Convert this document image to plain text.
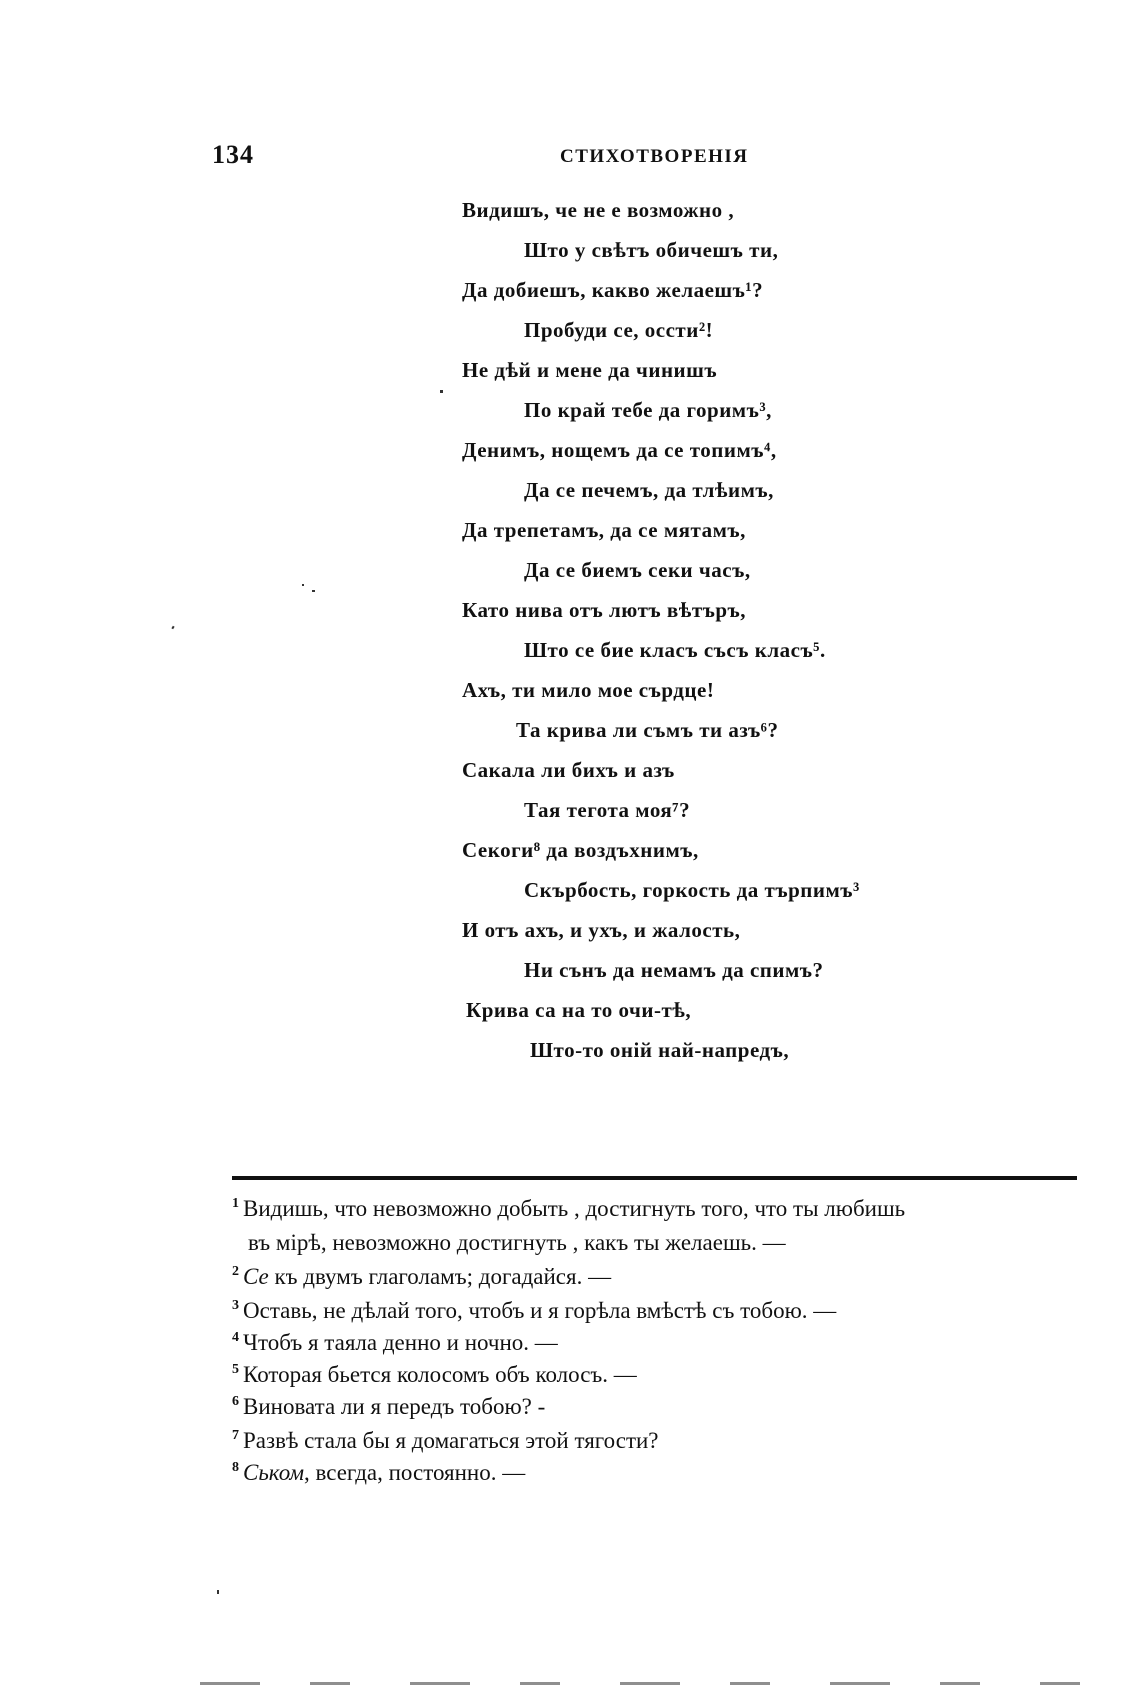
134	СТИХОТВОРЕНІЯ
Видишъ, че не е возможно ,
Што у свѣтъ обичешъ ти,
Да добиешъ, какво желаешъ¹?
Пробуди се, оссти²!
Не дѣй и мене да чинишъ
По край тебе да горимъ³,
Денимъ, нощемъ да се топимъ⁴,
Да се печемъ, да тлѣимъ,
Да трепетамъ, да се мятамъ,
Да се биемъ секи часъ,
Като нива отъ лютъ вѣтъръ,
Што се бие класъ съсъ класъ⁵.
Ахъ, ти мило мое сърдце!
Та крива ли съмъ ти азъ⁶?
Сакала ли бихъ и азъ
Тая тегота моя⁷?
Секоги⁸ да воздъхнимъ,
Скърбость, горкость да търпимъ³
И отъ ахъ, и ухъ, и жалость,
Ни сънъ да немамъ да спимъ?
Крива са на то очи-тѣ,
Што-то оній най-напредъ,
$^1$ Видишь, что невозможно добыть , достигнуть того, что ты любишь
въ мірѣ, невозможно достигнуть , какъ ты желаешь. —
$^2$ Се къ двумъ глаголамъ; догадайся. —
$^3$ Оставь, не дѣлай того, чтобъ и я горѣла вмѣстѣ съ тобою. —
$^4$ Чтобъ я таяла денно и ночно. —
$^5$ Которая бьется колосомъ объ колосъ. —
$^6$ Виновата ли я передъ тобою? -
$^7$ Развѣ стала бы я домагаться этой тягости?
$^8$ Ськом, всегда, постоянно. —
